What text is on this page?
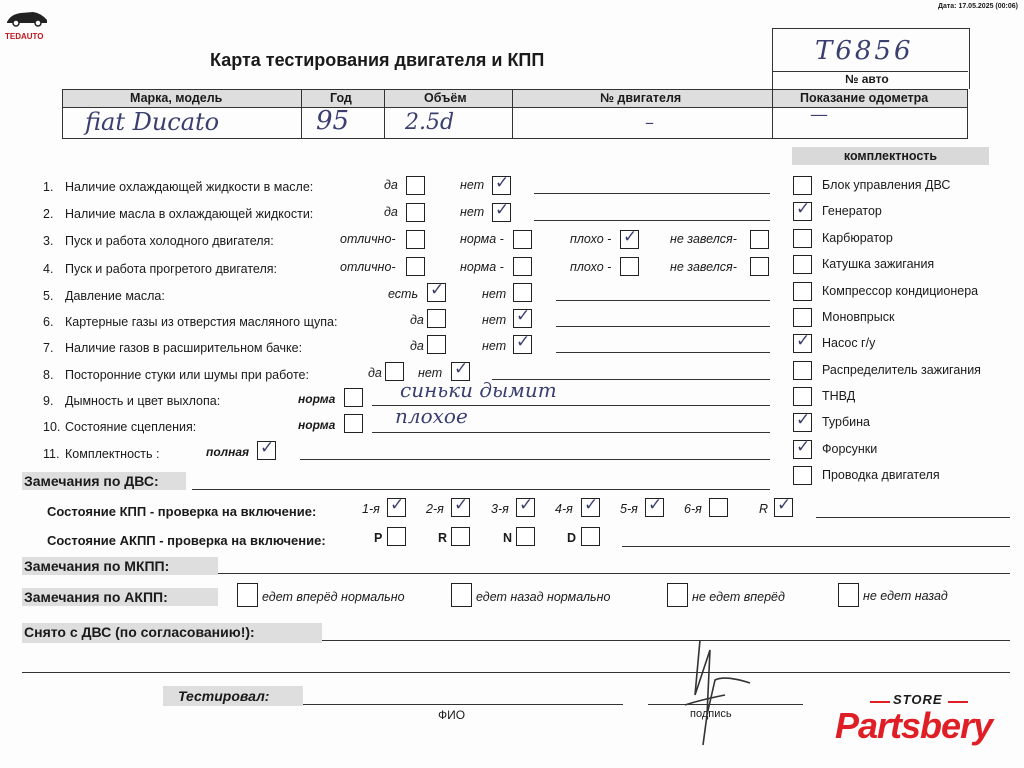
TEDAUTO
Дата: 17.05.2025 (00:06)
Карта тестирования двигателя и КПП	T6856
№ авто
Марка, модель	Год	Объём	№ двигателя	Показание одометра
fiat Ducato	95	2.5d	–	—
комплектность
Блок управления ДВС
✓ Генератор
Карбюратор
Катушка зажигания
Компрессор кондиционера
Моновпрыск
✓ Насос г/у
Распределитель зажигания
ТНВД
✓ Турбина
✓ Форсунки
Проводка двигателя
1. Наличие охлаждающей жидкости в масле:	да	нет ✓
2. Наличие масла в охлаждающей жидкости:	да	нет ✓
3. Пуск и работа холодного двигателя:	отлично-	норма -	плохо - ✓	не завелся-
4. Пуск и работа прогретого двигателя:	отлично-	норма -	плохо -	не завелся-
5. Давление масла:	есть ✓	нет
6. Картерные газы из отверстия масляного щупа:	да	нет ✓
7. Наличие газов в расширительном бачке:	да	нет ✓
8. Посторонние стуки или шумы при работе:	да	нет ✓
9. Дымность и цвет выхлопа:	норма	синьки дымит
10. Состояние сцепления:	норма	плохое
11. Комплектность :	полная ✓
Замечания по ДВС:
Состояние КПП - проверка на включение:	1-я ✓ 2-я ✓ 3-я ✓ 4-я ✓ 5-я ✓ 6-я	R ✓
Состояние АКПП - проверка на включение:	P	R	N	D
Замечания по МКПП:
Замечания по АКПП:	едет вперёд нормально	едет назад нормально	не едет вперёд	не едет назад
Снято с ДВС (по согласованию!):
Тестировал:
ФИО	подпись
STORE
Partsbery
